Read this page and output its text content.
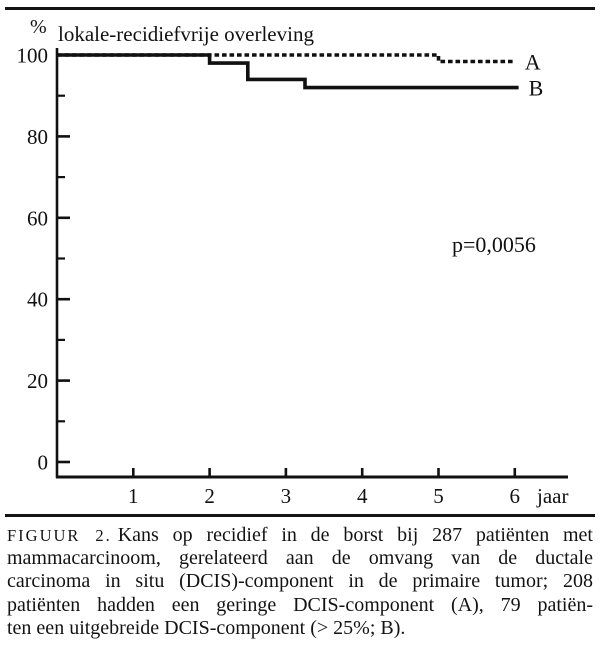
% lokale-recidiefvrije overleving
p=0,0056
jaar
100
80
60
40
20
0
1	2	3	4	5	6
A
B
FIGUUR 2. Kans op recidief in de borst bij 287 patiënten met
mammacarcinoom, gerelateerd aan de omvang van de ductale
carcinoma in situ (DCIS)-component in de primaire tumor; 208
patiënten hadden een geringe DCIS-component (A), 79 patiën-
ten een uitgebreide DCIS-component (> 25%; B).
